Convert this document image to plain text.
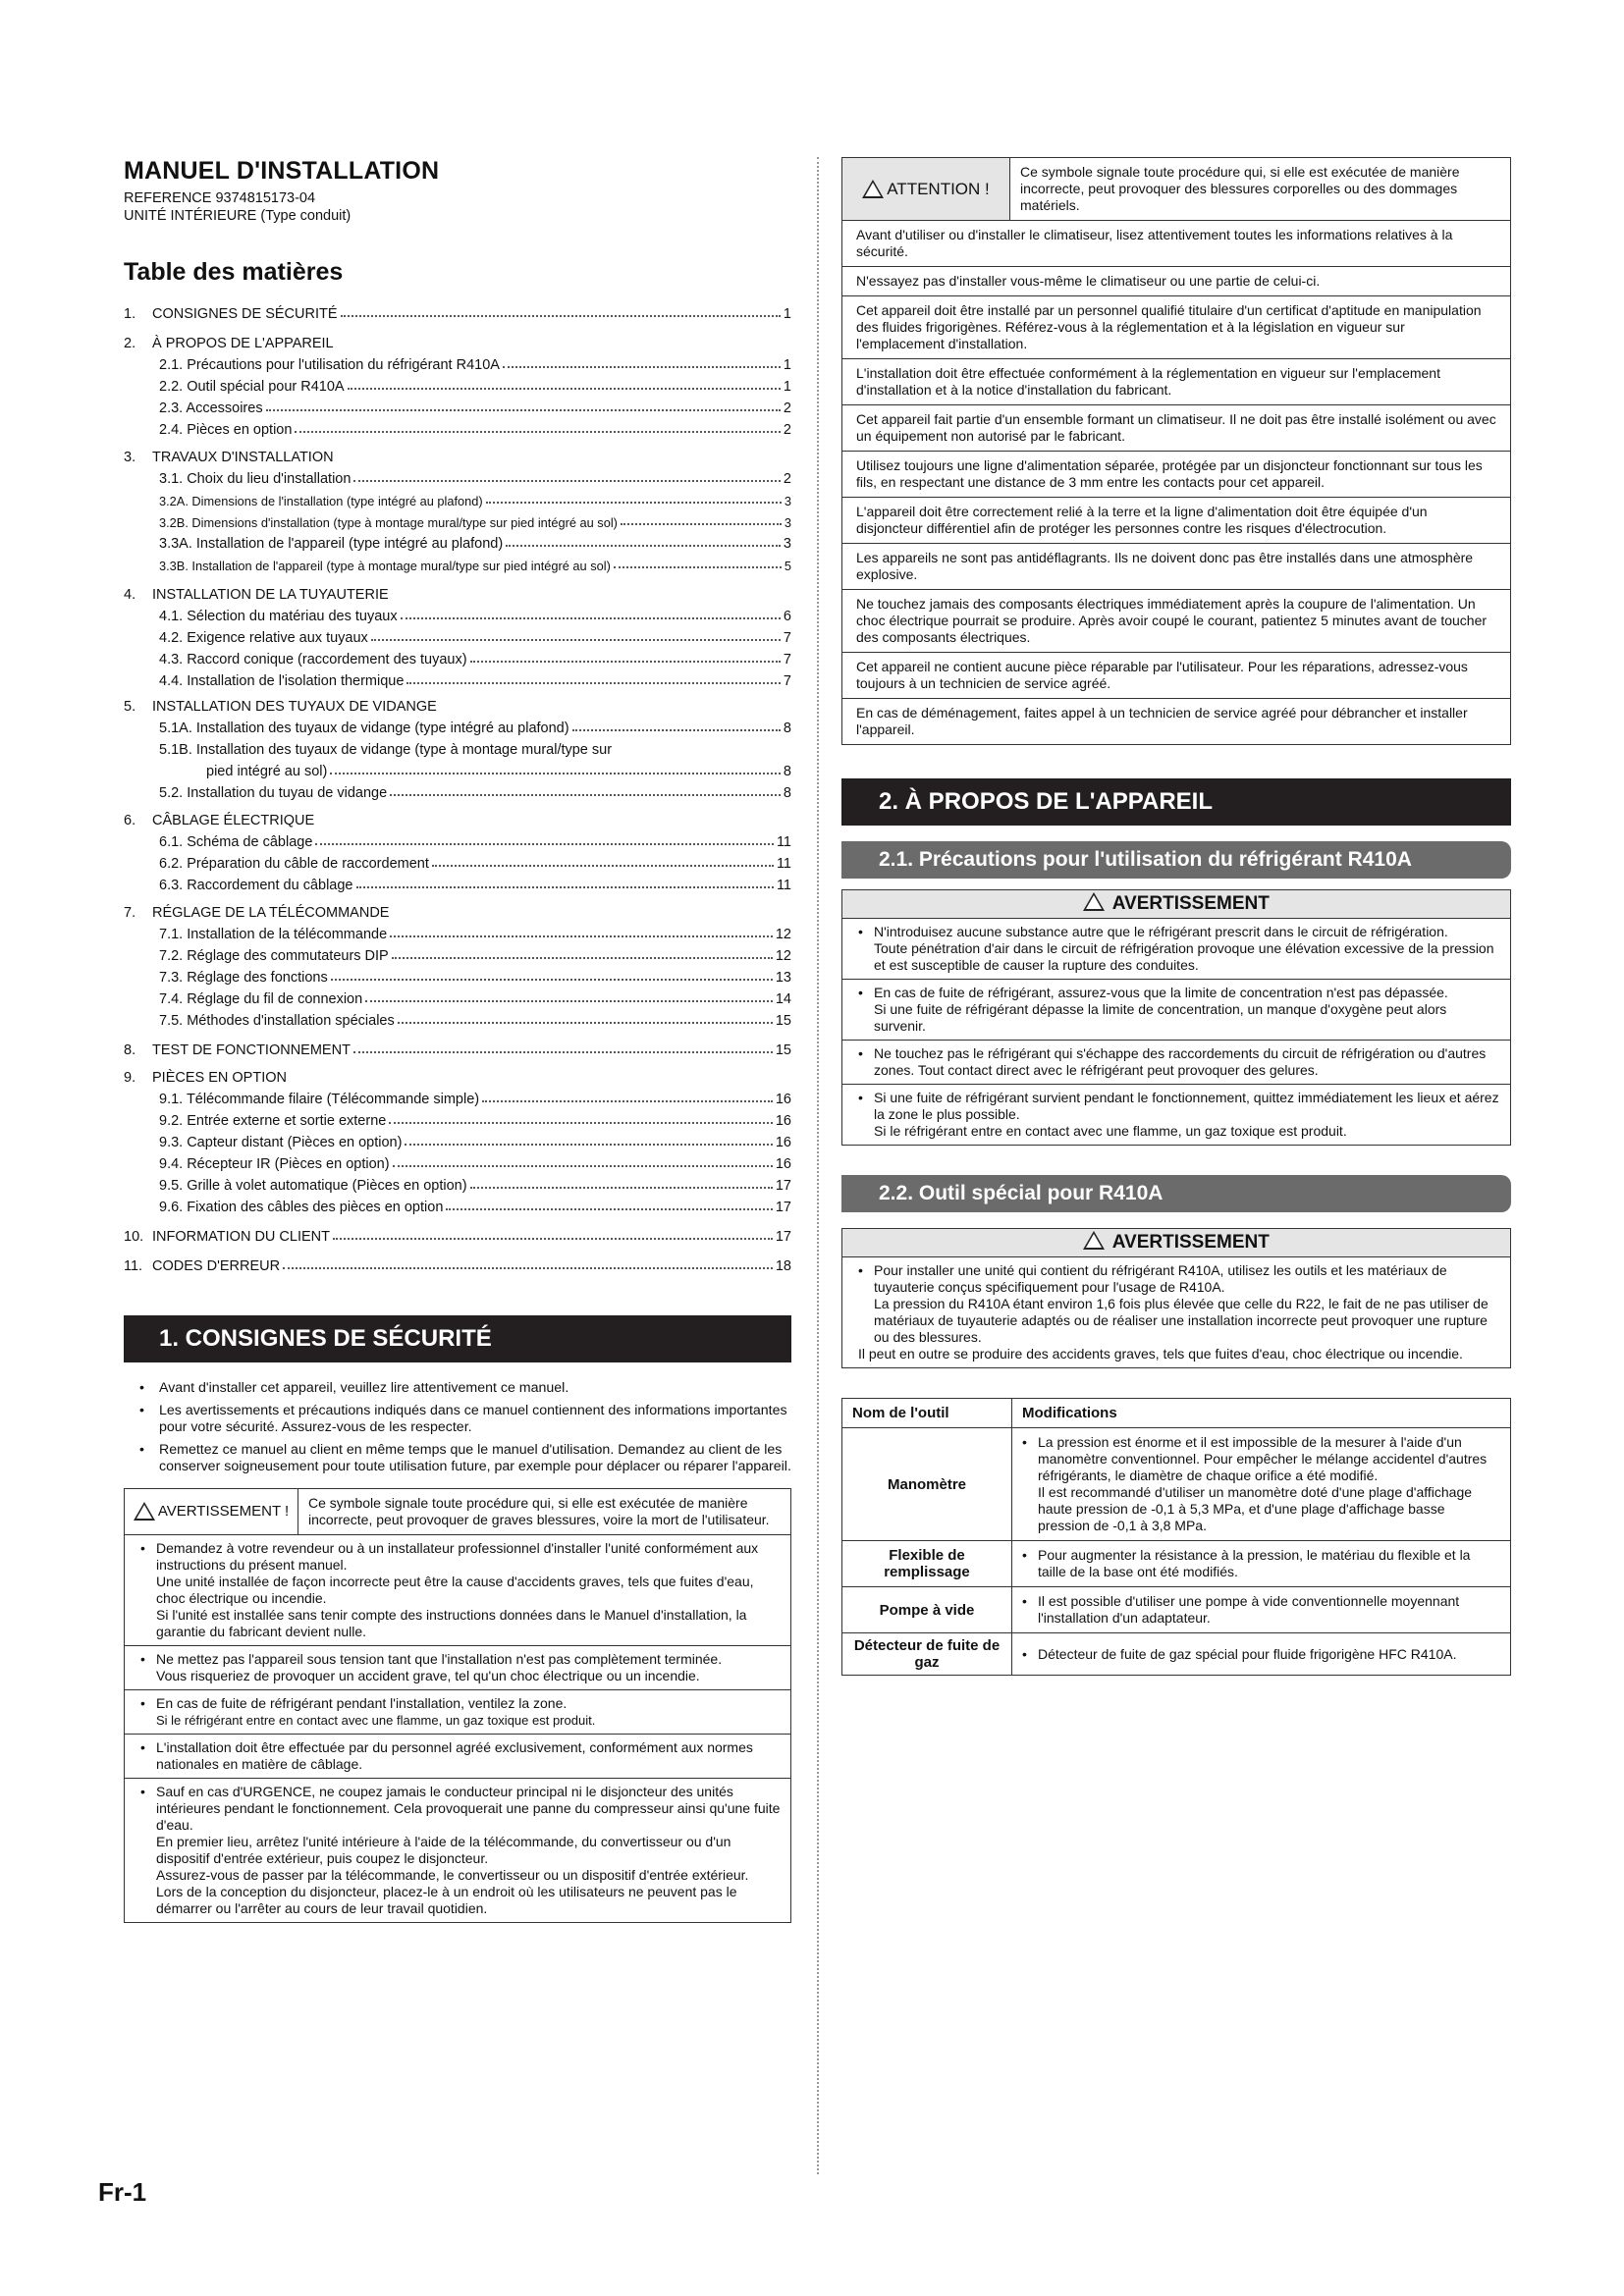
MANUEL D'INSTALLATION
REFERENCE 9374815173-04
UNITÉ INTÉRIEURE (Type conduit)
Table des matières
1.	CONSIGNES DE SÉCURITÉ	1
2.	À PROPOS DE L'APPAREIL
2.1. Précautions pour l'utilisation du réfrigérant R410A	1
2.2. Outil spécial pour R410A	1
2.3. Accessoires	2
2.4. Pièces en option	2
3.	TRAVAUX D'INSTALLATION
3.1. Choix du lieu d'installation	2
3.2A. Dimensions de l'installation (type intégré au plafond)	3
3.2B. Dimensions d'installation (type à montage mural/type sur pied intégré au sol)	3
3.3A. Installation de l'appareil (type intégré au plafond)	3
3.3B. Installation de l'appareil (type à montage mural/type sur pied intégré au sol)	5
4.	INSTALLATION DE LA TUYAUTERIE
4.1. Sélection du matériau des tuyaux	6
4.2. Exigence relative aux tuyaux	7
4.3. Raccord conique (raccordement des tuyaux)	7
4.4. Installation de l'isolation thermique	7
5.	INSTALLATION DES TUYAUX DE VIDANGE
5.1A. Installation des tuyaux de vidange (type intégré au plafond)	8
5.1B. Installation des tuyaux de vidange (type à montage mural/type sur
pied intégré au sol)	8
5.2. Installation du tuyau de vidange	8
6.	CÂBLAGE ÉLECTRIQUE
6.1. Schéma de câblage	11
6.2. Préparation du câble de raccordement	11
6.3. Raccordement du câblage	11
7.	RÉGLAGE DE LA TÉLÉCOMMANDE
7.1. Installation de la télécommande	12
7.2. Réglage des commutateurs DIP	12
7.3. Réglage des fonctions	13
7.4. Réglage du fil de connexion	14
7.5. Méthodes d'installation spéciales	15
8.	TEST DE FONCTIONNEMENT	15
9.	PIÈCES EN OPTION
9.1. Télécommande filaire (Télécommande simple)	16
9.2. Entrée externe et sortie externe	16
9.3. Capteur distant (Pièces en option)	16
9.4. Récepteur IR (Pièces en option)	16
9.5. Grille à volet automatique (Pièces en option)	17
9.6. Fixation des câbles des pièces en option	17
10. INFORMATION DU CLIENT	17
11. CODES D'ERREUR	18
1. CONSIGNES DE SÉCURITÉ
• Avant d'installer cet appareil, veuillez lire attentivement ce manuel.
• Les avertissements et précautions indiqués dans ce manuel contiennent des informations importantes pour votre sécurité. Assurez-vous de les respecter.
• Remettez ce manuel au client en même temps que le manuel d'utilisation. Demandez au client de les conserver soigneusement pour toute utilisation future, par exemple pour déplacer ou réparer l'appareil.
AVERTISSEMENT !
Ce symbole signale toute procédure qui, si elle est exécutée de manière incorrecte, peut provoquer de graves blessures, voire la mort de l'utilisateur.
• Demandez à votre revendeur ou à un installateur professionnel d'installer l'unité conformément aux instructions du présent manuel.
Une unité installée de façon incorrecte peut être la cause d'accidents graves, tels que fuites d'eau, choc électrique ou incendie.
Si l'unité est installée sans tenir compte des instructions données dans le Manuel d'installation, la garantie du fabricant devient nulle.
• Ne mettez pas l'appareil sous tension tant que l'installation n'est pas complètement terminée.
Vous risqueriez de provoquer un accident grave, tel qu'un choc électrique ou un incendie.
• En cas de fuite de réfrigérant pendant l'installation, ventilez la zone.
Si le réfrigérant entre en contact avec une flamme, un gaz toxique est produit.
• L'installation doit être effectuée par du personnel agréé exclusivement, conformément aux normes nationales en matière de câblage.
• Sauf en cas d'URGENCE, ne coupez jamais le conducteur principal ni le disjoncteur des unités intérieures pendant le fonctionnement. Cela provoquerait une panne du compresseur ainsi qu'une fuite d'eau.
En premier lieu, arrêtez l'unité intérieure à l'aide de la télécommande, du convertisseur ou d'un dispositif d'entrée extérieur, puis coupez le disjoncteur.
Assurez-vous de passer par la télécommande, le convertisseur ou un dispositif d'entrée extérieur.
Lors de la conception du disjoncteur, placez-le à un endroit où les utilisateurs ne peuvent pas le démarrer ou l'arrêter au cours de leur travail quotidien.
ATTENTION !
Ce symbole signale toute procédure qui, si elle est exécutée de manière incorrecte, peut provoquer des blessures corporelles ou des dommages matériels.
Avant d'utiliser ou d'installer le climatiseur, lisez attentivement toutes les informations relatives à la sécurité.
N'essayez pas d'installer vous-même le climatiseur ou une partie de celui-ci.
Cet appareil doit être installé par un personnel qualifié titulaire d'un certificat d'aptitude en manipulation des fluides frigorigènes. Référez-vous à la réglementation et à la législation en vigueur sur l'emplacement d'installation.
L'installation doit être effectuée conformément à la réglementation en vigueur sur l'emplacement d'installation et à la notice d'installation du fabricant.
Cet appareil fait partie d'un ensemble formant un climatiseur. Il ne doit pas être installé isolément ou avec un équipement non autorisé par le fabricant.
Utilisez toujours une ligne d'alimentation séparée, protégée par un disjoncteur fonctionnant sur tous les fils, en respectant une distance de 3 mm entre les contacts pour cet appareil.
L'appareil doit être correctement relié à la terre et la ligne d'alimentation doit être équipée d'un disjoncteur différentiel afin de protéger les personnes contre les risques d'électrocution.
Les appareils ne sont pas antidéflagrants. Ils ne doivent donc pas être installés dans une atmosphère explosive.
Ne touchez jamais des composants électriques immédiatement après la coupure de l'alimentation. Un choc électrique pourrait se produire. Après avoir coupé le courant, patientez 5 minutes avant de toucher des composants électriques.
Cet appareil ne contient aucune pièce réparable par l'utilisateur. Pour les réparations, adressez-vous toujours à un technicien de service agréé.
En cas de déménagement, faites appel à un technicien de service agréé pour débrancher et installer l'appareil.
2. À PROPOS DE L'APPAREIL
2.1. Précautions pour l'utilisation du réfrigérant R410A
AVERTISSEMENT
• N'introduisez aucune substance autre que le réfrigérant prescrit dans le circuit de réfrigération.
Toute pénétration d'air dans le circuit de réfrigération provoque une élévation excessive de la pression et est susceptible de causer la rupture des conduites.
• En cas de fuite de réfrigérant, assurez-vous que la limite de concentration n'est pas dépassée.
Si une fuite de réfrigérant dépasse la limite de concentration, un manque d'oxygène peut alors survenir.
• Ne touchez pas le réfrigérant qui s'échappe des raccordements du circuit de réfrigération ou d'autres zones. Tout contact direct avec le réfrigérant peut provoquer des gelures.
• Si une fuite de réfrigérant survient pendant le fonctionnement, quittez immédiatement les lieux et aérez la zone le plus possible.
Si le réfrigérant entre en contact avec une flamme, un gaz toxique est produit.
2.2. Outil spécial pour R410A
AVERTISSEMENT
• Pour installer une unité qui contient du réfrigérant R410A, utilisez les outils et les matériaux de tuyauterie conçus spécifiquement pour l'usage de R410A.
La pression du R410A étant environ 1,6 fois plus élevée que celle du R22, le fait de ne pas utiliser de matériaux de tuyauterie adaptés ou de réaliser une installation incorrecte peut provoquer une rupture ou des blessures.
Il peut en outre se produire des accidents graves, tels que fuites d'eau, choc électrique ou incendie.
Nom de l'outil	Modifications
Manomètre	• La pression est énorme et il est impossible de la mesurer à l'aide d'un manomètre conventionnel. Pour empêcher le mélange accidentel d'autres réfrigérants, le diamètre de chaque orifice a été modifié.
Il est recommandé d'utiliser un manomètre doté d'une plage d'affichage haute pression de -0,1 à 5,3 MPa, et d'une plage d'affichage basse pression de -0,1 à 3,8 MPa.

Flexible de remplissage	• Pour augmenter la résistance à la pression, le matériau du flexible et la taille de la base ont été modifiés.

Pompe à vide	• Il est possible d'utiliser une pompe à vide conventionnelle moyennant l'installation d'un adaptateur.

Détecteur de fuite de gaz	• Détecteur de fuite de gaz spécial pour fluide frigorigène HFC R410A.
Fr-1
